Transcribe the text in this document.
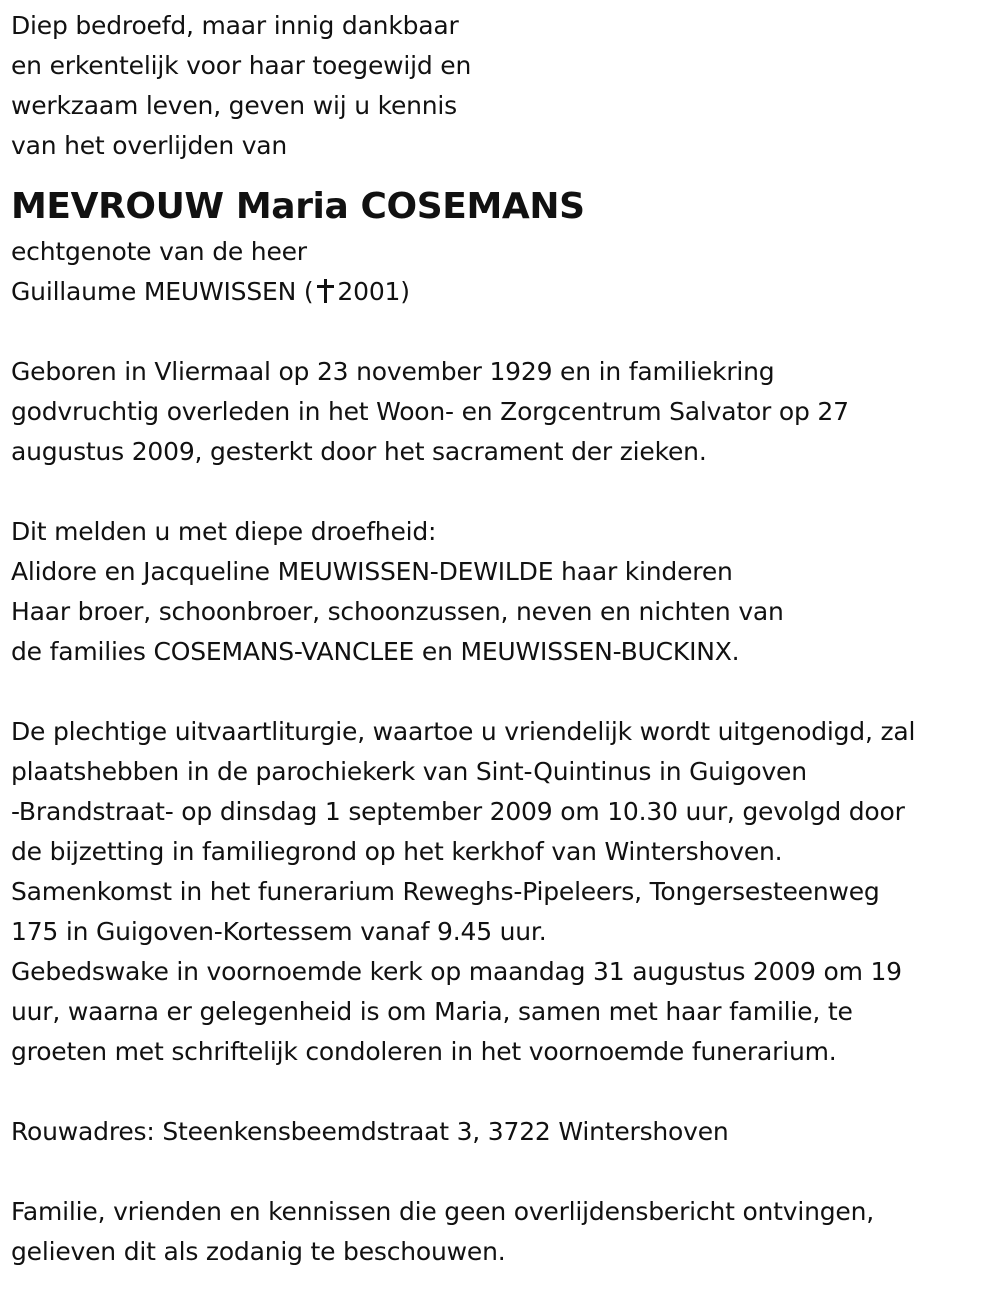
Diep bedroefd, maar innig dankbaar
en erkentelijk voor haar toegewijd en
werkzaam leven, geven wij u kennis
van het overlijden van
MEVROUW Maria COSEMANS
echtgenote van de heer
Guillaume MEUWISSEN ( 2001)
Geboren in Vliermaal op 23 november 1929 en in familiekring
godvruchtig overleden in het Woon- en Zorgcentrum Salvator op 27
augustus 2009, gesterkt door het sacrament der zieken.
Dit melden u met diepe droefheid:
Alidore en Jacqueline MEUWISSEN-DEWILDE haar kinderen
Haar broer, schoonbroer, schoonzussen, neven en nichten van
de families COSEMANS-VANCLEE en MEUWISSEN-BUCKINX.
De plechtige uitvaartliturgie, waartoe u vriendelijk wordt uitgenodigd, zal
plaatshebben in de parochiekerk van Sint-Quintinus in Guigoven
-Brandstraat- op dinsdag 1 september 2009 om 10.30 uur, gevolgd door
de bijzetting in familiegrond op het kerkhof van Wintershoven.
Samenkomst in het funerarium Reweghs-Pipeleers, Tongersesteenweg
175 in Guigoven-Kortessem vanaf 9.45 uur.
Gebedswake in voornoemde kerk op maandag 31 augustus 2009 om 19
uur, waarna er gelegenheid is om Maria, samen met haar familie, te
groeten met schriftelijk condoleren in het voornoemde funerarium.
Rouwadres: Steenkensbeemdstraat 3, 3722 Wintershoven
Familie, vrienden en kennissen die geen overlijdensbericht ontvingen,
gelieven dit als zodanig te beschouwen.
